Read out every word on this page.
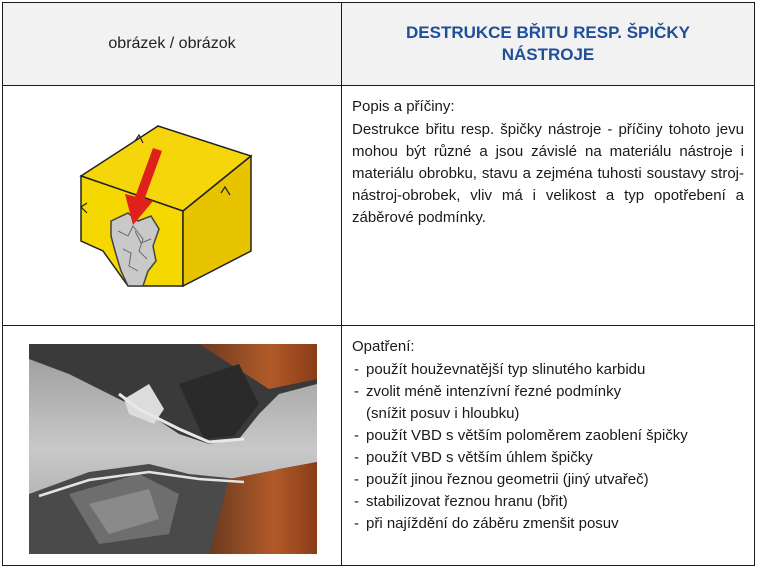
obrázek / obrázok
DESTRUKCE BŘITU RESP. ŠPIČKY NÁSTROJE
Popis a příčiny:
Destrukce břitu resp. špičky nástroje - příčiny tohoto jevu mohou být různé a jsou závislé na materiálu nástroje i materiálu obrobku, stavu a zejména tuhosti soustavy stroj-nástroj-obrobek, vliv má i velikost a typ opotřebení a záběrové podmínky.
Opatření:
- použít houževnatější typ slinutého karbidu
- zvolit méně intenzívní řezné podmínky
(snížit posuv i hloubku)
- použít VBD s větším poloměrem zaoblení špičky
- použít VBD s větším úhlem špičky
- použít jinou řeznou geometrii (jiný utvařeč)
- stabilizovat řeznou hranu (břit)
- při najíždění do záběru zmenšit posuv
